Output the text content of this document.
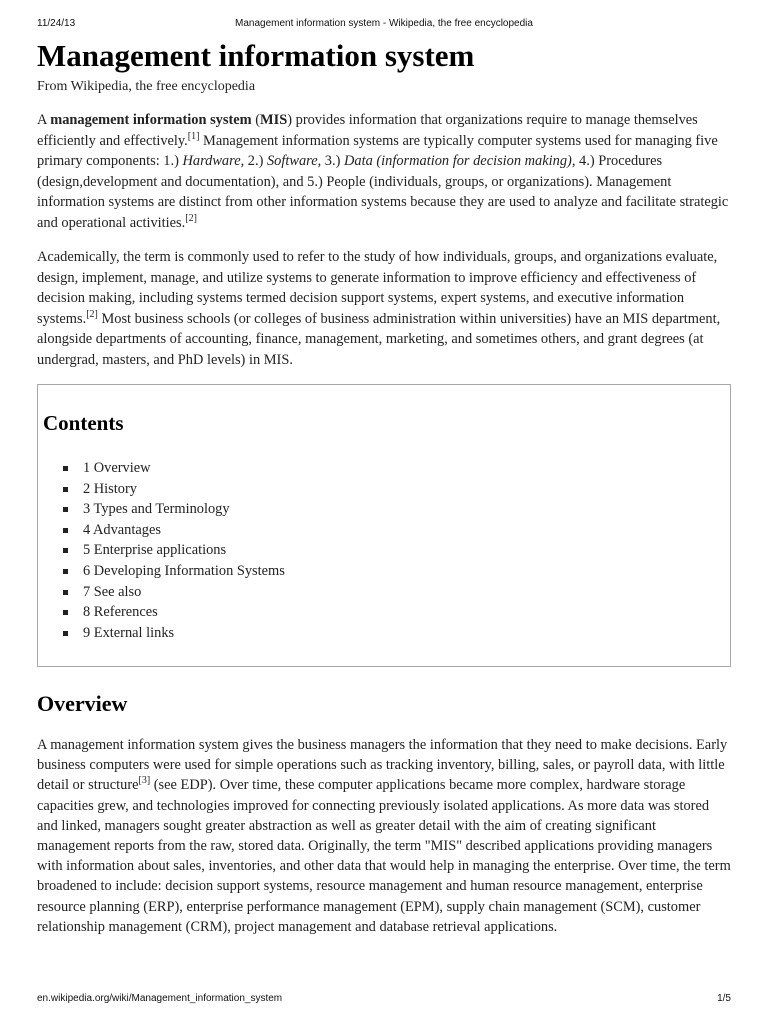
11/24/13	Management information system - Wikipedia, the free encyclopedia
Management information system
From Wikipedia, the free encyclopedia

A management information system (MIS) provides information that organizations require to manage themselves efficiently and effectively.[1] Management information systems are typically computer systems used for managing five primary components: 1.) Hardware, 2.) Software, 3.) Data (information for decision making), 4.) Procedures (design,development and documentation), and 5.) People (individuals, groups, or organizations). Management information systems are distinct from other information systems because they are used to analyze and facilitate strategic and operational activities.[2]

Academically, the term is commonly used to refer to the study of how individuals, groups, and organizations evaluate, design, implement, manage, and utilize systems to generate information to improve efficiency and effectiveness of decision making, including systems termed decision support systems, expert systems, and executive information systems.[2] Most business schools (or colleges of business administration within universities) have an MIS department, alongside departments of accounting, finance, management, marketing, and sometimes others, and grant degrees (at undergrad, masters, and PhD levels) in MIS.

Contents
1 Overview
2 History
3 Types and Terminology
4 Advantages
5 Enterprise applications
6 Developing Information Systems
7 See also
8 References
9 External links
Overview

A management information system gives the business managers the information that they need to make decisions. Early business computers were used for simple operations such as tracking inventory, billing, sales, or payroll data, with little detail or structure[3] (see EDP). Over time, these computer applications became more complex, hardware storage capacities grew, and technologies improved for connecting previously isolated applications. As more data was stored and linked, managers sought greater abstraction as well as greater detail with the aim of creating significant management reports from the raw, stored data. Originally, the term "MIS" described applications providing managers with information about sales, inventories, and other data that would help in managing the enterprise. Over time, the term broadened to include: decision support systems, resource management and human resource management, enterprise resource planning (ERP), enterprise performance management (EPM), supply chain management (SCM), customer relationship management (CRM), project management and database retrieval applications.

en.wikipedia.org/wiki/Management_information_system	1/5
